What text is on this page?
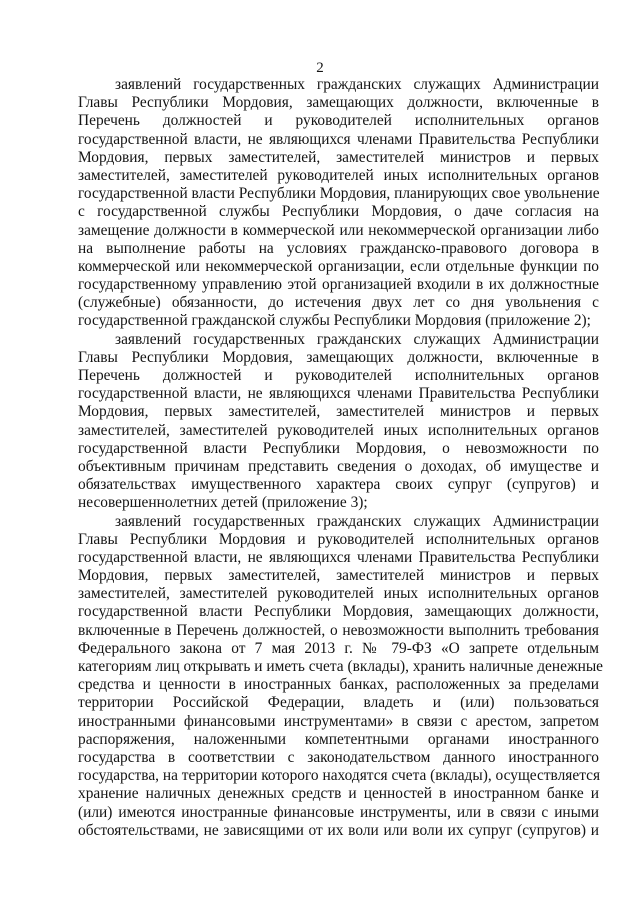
2
заявлений государственных гражданских служащих Администрации
Главы Республики Мордовия, замещающих должности, включенные в
Перечень должностей и руководителей исполнительных органов
государственной власти, не являющихся членами Правительства Республики
Мордовия, первых заместителей, заместителей министров и первых
заместителей, заместителей руководителей иных исполнительных органов
государственной власти Республики Мордовия, планирующих свое увольнение
с государственной службы Республики Мордовия, о даче согласия на
замещение должности в коммерческой или некоммерческой организации либо
на выполнение работы на условиях гражданско-правового договора в
коммерческой или некоммерческой организации, если отдельные функции по
государственному управлению этой организацией входили в их должностные
(служебные) обязанности, до истечения двух лет со дня увольнения с
государственной гражданской службы Республики Мордовия (приложение 2);
заявлений государственных гражданских служащих Администрации
Главы Республики Мордовия, замещающих должности, включенные в
Перечень должностей и руководителей исполнительных органов
государственной власти, не являющихся членами Правительства Республики
Мордовия, первых заместителей, заместителей министров и первых
заместителей, заместителей руководителей иных исполнительных органов
государственной власти Республики Мордовия, о невозможности по
объективным причинам представить сведения о доходах, об имуществе и
обязательствах имущественного характера своих супруг (супругов) и
несовершеннолетних детей (приложение 3);
заявлений государственных гражданских служащих Администрации
Главы Республики Мордовия и руководителей исполнительных органов
государственной власти, не являющихся членами Правительства Республики
Мордовия, первых заместителей, заместителей министров и первых
заместителей, заместителей руководителей иных исполнительных органов
государственной власти Республики Мордовия, замещающих должности,
включенные в Перечень должностей, о невозможности выполнить требования
Федерального закона от 7 мая 2013 г. № 79-ФЗ «О запрете отдельным
категориям лиц открывать и иметь счета (вклады), хранить наличные денежные
средства и ценности в иностранных банках, расположенных за пределами
территории Российской Федерации, владеть и (или) пользоваться
иностранными финансовыми инструментами» в связи с арестом, запретом
распоряжения, наложенными компетентными органами иностранного
государства в соответствии с законодательством данного иностранного
государства, на территории которого находятся счета (вклады), осуществляется
хранение наличных денежных средств и ценностей в иностранном банке и
(или) имеются иностранные финансовые инструменты, или в связи с иными
обстоятельствами, не зависящими от их воли или воли их супруг (супругов) и
